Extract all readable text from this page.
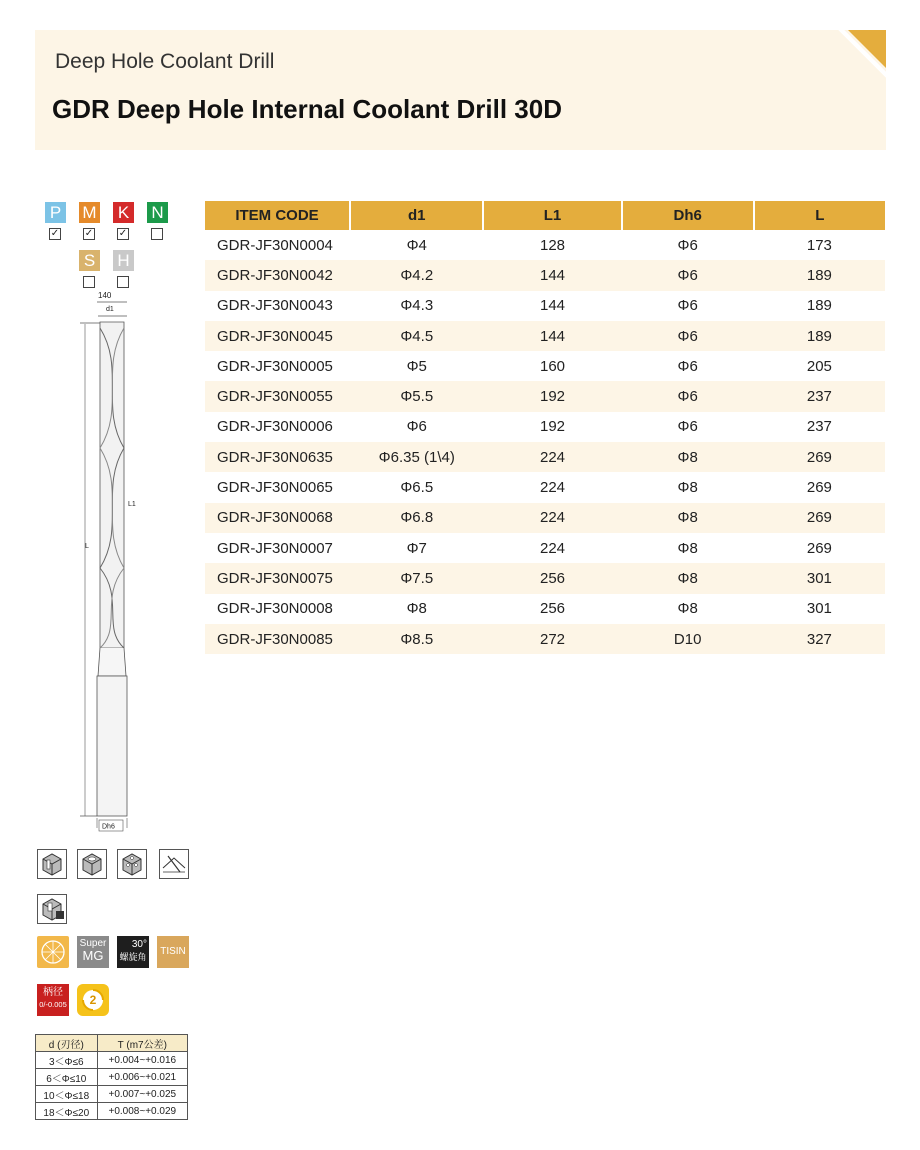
Deep Hole Coolant Drill
GDR Deep Hole Internal Coolant Drill 30D
P M K N
✓	✓	✓
S H
140
d1
L
L1
Dh6
ITEM CODE	d1	L1	Dh6	L
GDR-JF30N0004	Φ4	128	Φ6	173
GDR-JF30N0042	Φ4.2	144	Φ6	189
GDR-JF30N0043	Φ4.3	144	Φ6	189
GDR-JF30N0045	Φ4.5	144	Φ6	189
GDR-JF30N0005	Φ5	160	Φ6	205
GDR-JF30N0055	Φ5.5	192	Φ6	237
GDR-JF30N0006	Φ6	192	Φ6	237
GDR-JF30N0635	Φ6.35 (1\4)	224	Φ8	269
GDR-JF30N0065	Φ6.5	224	Φ8	269
GDR-JF30N0068	Φ6.8	224	Φ8	269
GDR-JF30N0007	Φ7	224	Φ8	269
GDR-JF30N0075	Φ7.5	256	Φ8	301
GDR-JF30N0008	Φ8	256	Φ8	301
GDR-JF30N0085	Φ8.5	272	D10	327
Super
MG
30°
螺旋角	TISIN
柄径
0/-0.005	2
d (刃径)	T (m7公差)
3＜Φ≤6	+0.004~+0.016
6＜Φ≤10	+0.006~+0.021
10＜Φ≤18	+0.007~+0.025
18＜Φ≤20	+0.008~+0.029
